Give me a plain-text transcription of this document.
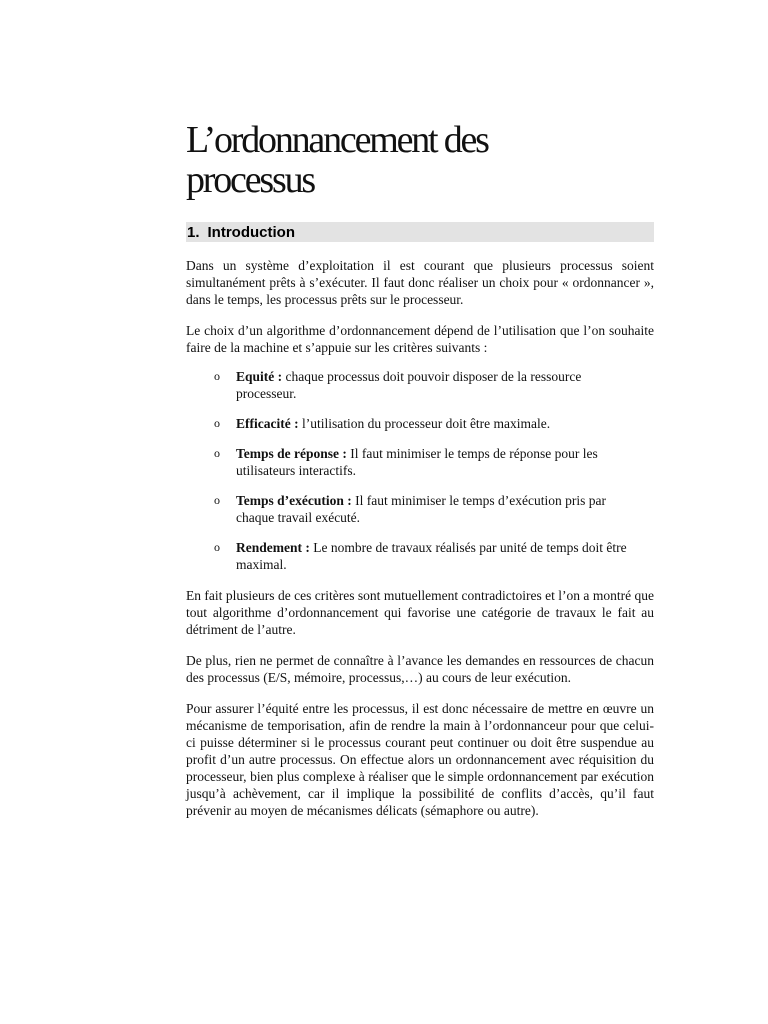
L’ordonnancement des
processus
1. Introduction

Dans un système d’exploitation il est courant que plusieurs processus soient simultanément prêts à s’exécuter. Il faut donc réaliser un choix pour « ordonnancer », dans le temps, les processus prêts sur le processeur.

Le choix d’un algorithme d’ordonnancement dépend de l’utilisation que l’on souhaite faire de la machine et s’appuie sur les critères suivants :

o Equité : chaque processus doit pouvoir disposer de la ressource processeur.
o Efficacité : l’utilisation du processeur doit être maximale.
o Temps de réponse : Il faut minimiser le temps de réponse pour les utilisateurs interactifs.
o Temps d’exécution : Il faut minimiser le temps d’exécution pris par chaque travail exécuté.
o Rendement : Le nombre de travaux réalisés par unité de temps doit être maximal.

En fait plusieurs de ces critères sont mutuellement contradictoires et l’on a montré que tout algorithme d’ordonnancement qui favorise une catégorie de travaux le fait au détriment de l’autre.

De plus, rien ne permet de connaître à l’avance les demandes en ressources de chacun des processus (E/S, mémoire, processus,…) au cours de leur exécution.

Pour assurer l’équité entre les processus, il est donc nécessaire de mettre en œuvre un mécanisme de temporisation, afin de rendre la main à l’ordonnanceur pour que celui-ci puisse déterminer si le processus courant peut continuer ou doit être suspendue au profit d’un autre processus. On effectue alors un ordonnancement avec réquisition du processeur, bien plus complexe à réaliser que le simple ordonnancement par exécution jusqu’à achèvement, car il implique la possibilité de conflits d’accès, qu’il faut prévenir au moyen de mécanismes délicats (sémaphore ou autre).
